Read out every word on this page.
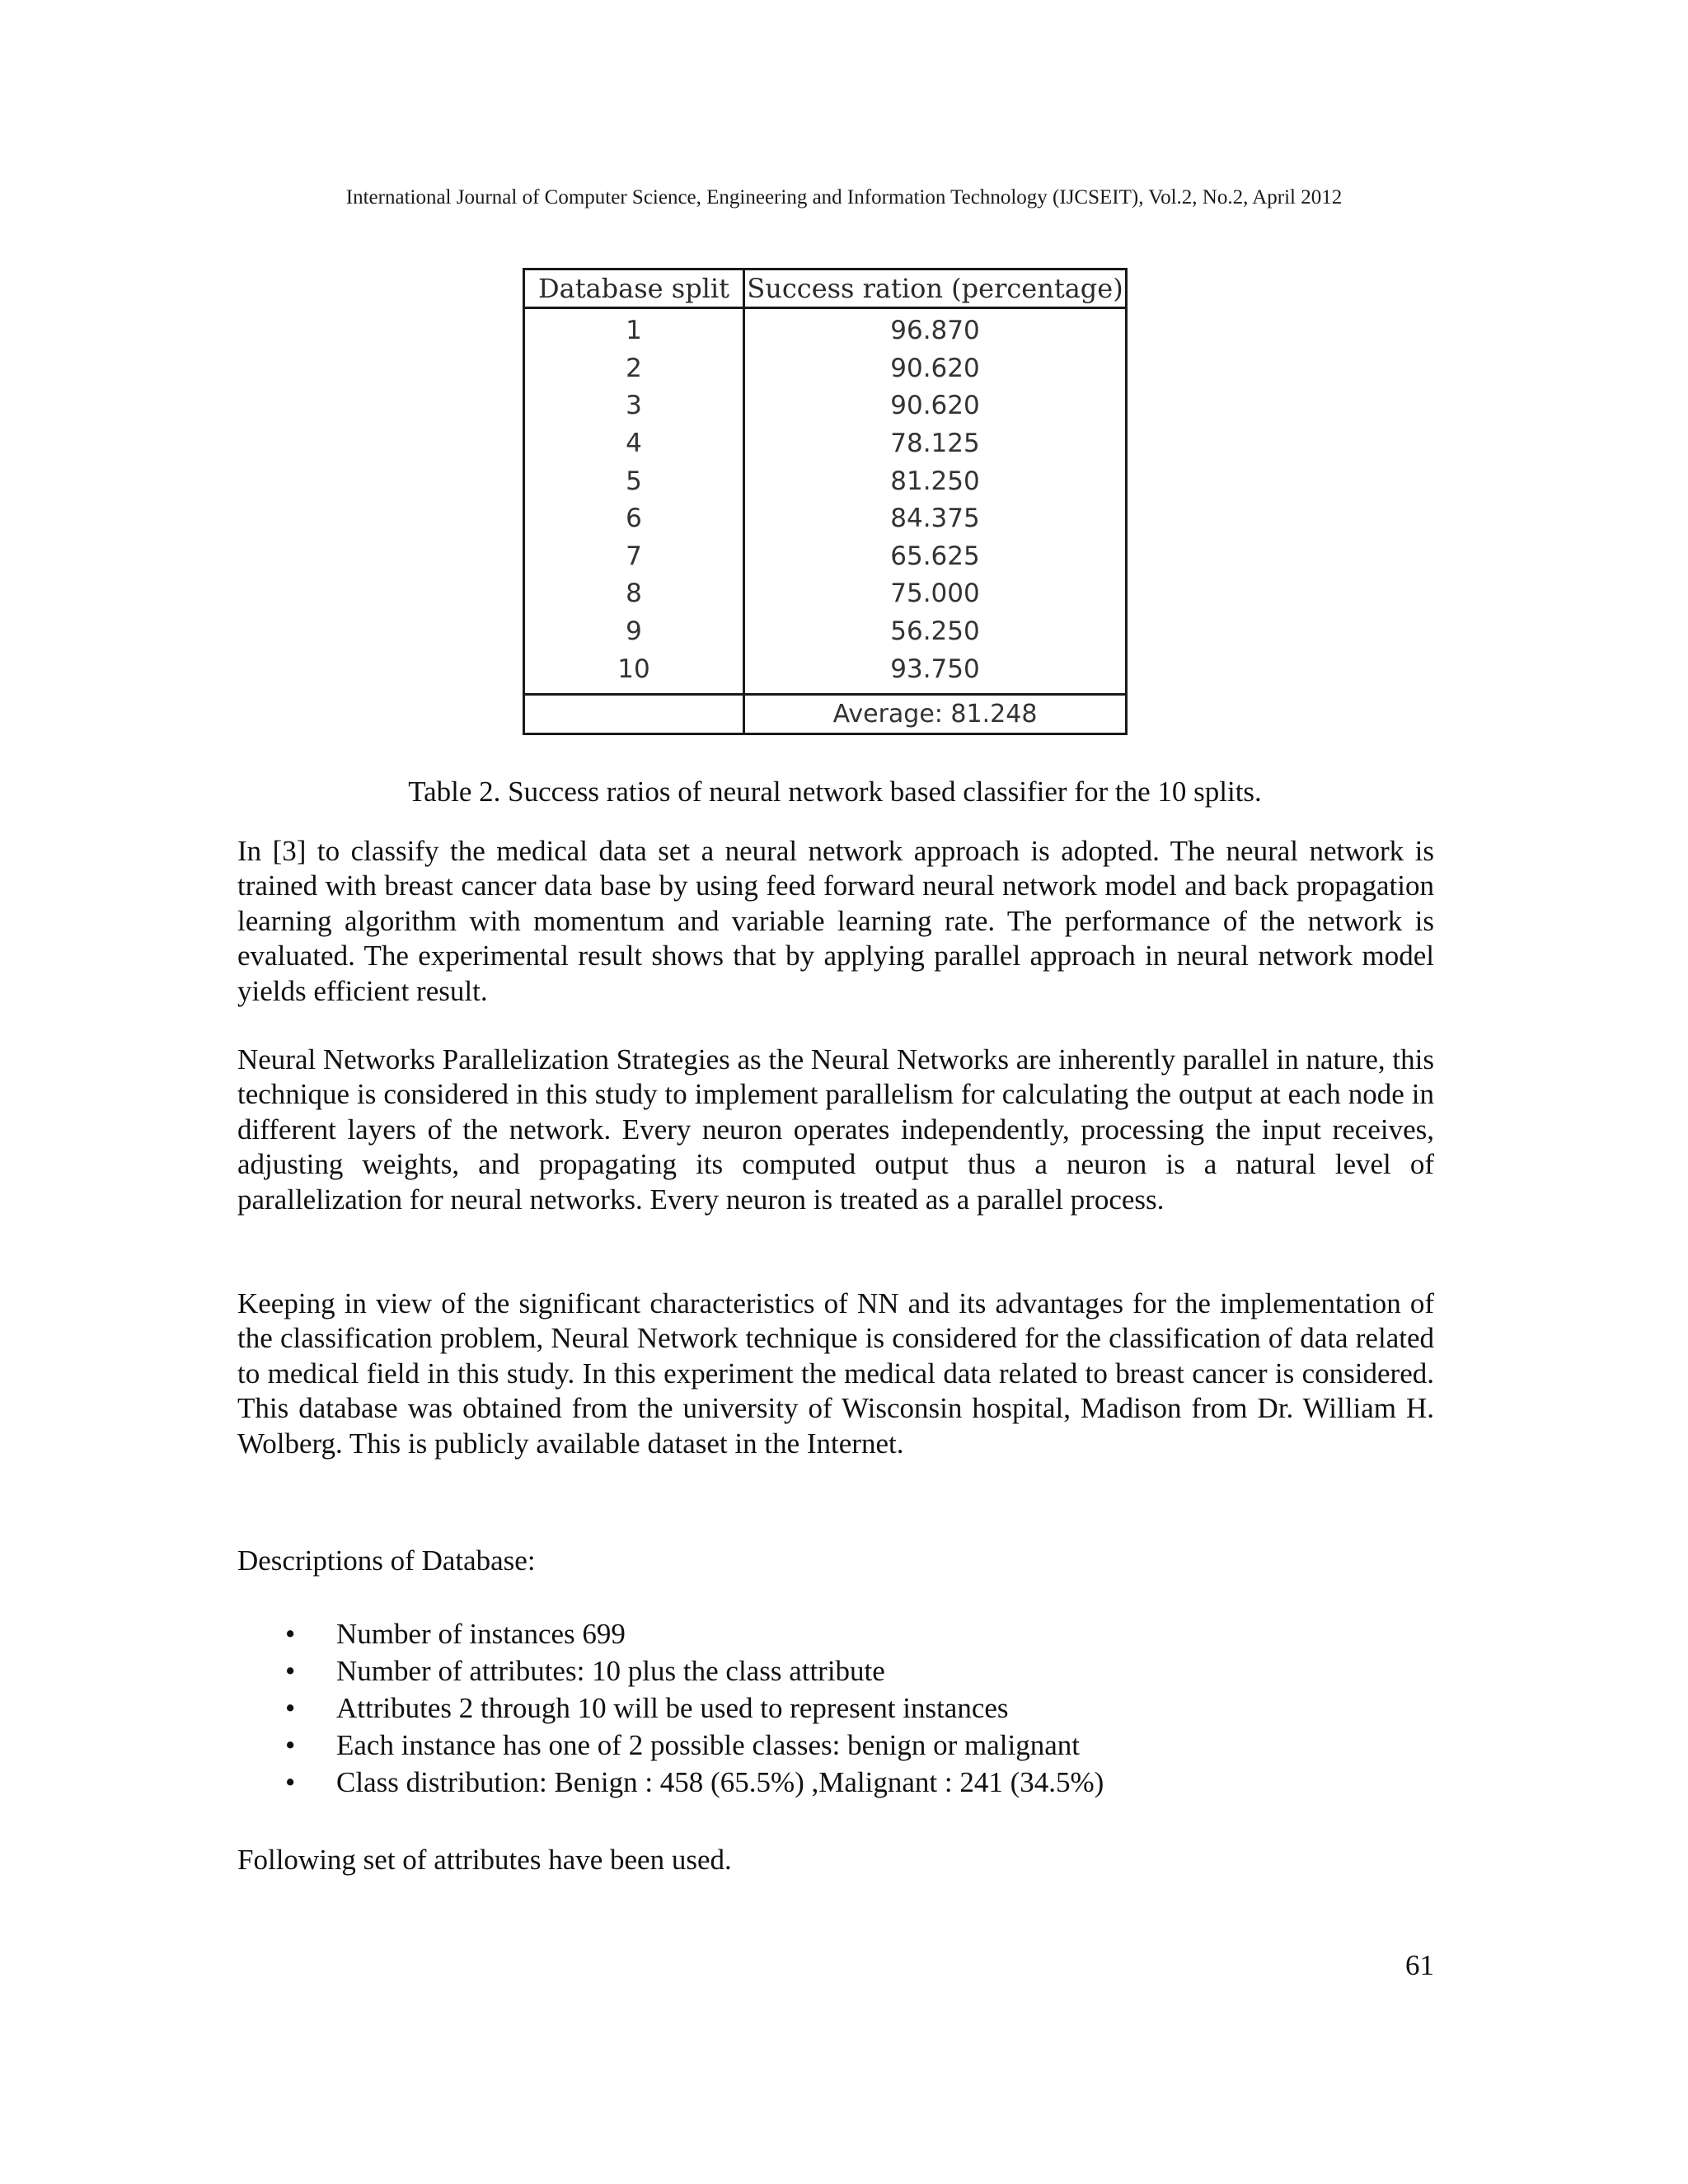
International Journal of Computer Science, Engineering and Information Technology (IJCSEIT), Vol.2, No.2, April 2012
Database split	Success ration (percentage)
1	96.870
2	90.620
3	90.620
4	78.125
5	81.250
6	84.375
7	65.625
8	75.000
9	56.250
10	93.750
	Average: 81.248
Table 2. Success ratios of neural network based classifier for the 10 splits.

In [3] to classify the medical data set a neural network approach is adopted. The neural network is trained with breast cancer data base by using feed forward neural network model and back propagation learning algorithm with momentum and variable learning rate. The performance of the network is evaluated. The experimental result shows that by applying parallel approach in neural network model yields efficient result.

Neural Networks Parallelization Strategies as the Neural Networks are inherently parallel in nature, this technique is considered in this study to implement parallelism for calculating the output at each node in different layers of the network. Every neuron operates independently, processing the input receives, adjusting weights, and propagating its computed output thus a neuron is a natural level of parallelization for neural networks. Every neuron is treated as a parallel process.

Keeping in view of the significant characteristics of NN and its advantages for the implementation of the classification problem, Neural Network technique is considered for the classification of data related to medical field in this study. In this experiment the medical data related to breast cancer is considered. This database was obtained from the university of Wisconsin hospital, Madison from Dr. William H. Wolberg. This is publicly available dataset in the Internet.

Descriptions of Database:

• Number of instances 699
• Number of attributes: 10 plus the class attribute
• Attributes 2 through 10 will be used to represent instances
• Each instance has one of 2 possible classes: benign or malignant
• Class distribution: Benign : 458 (65.5%) ,Malignant : 241 (34.5%)

Following set of attributes have been used.

61
